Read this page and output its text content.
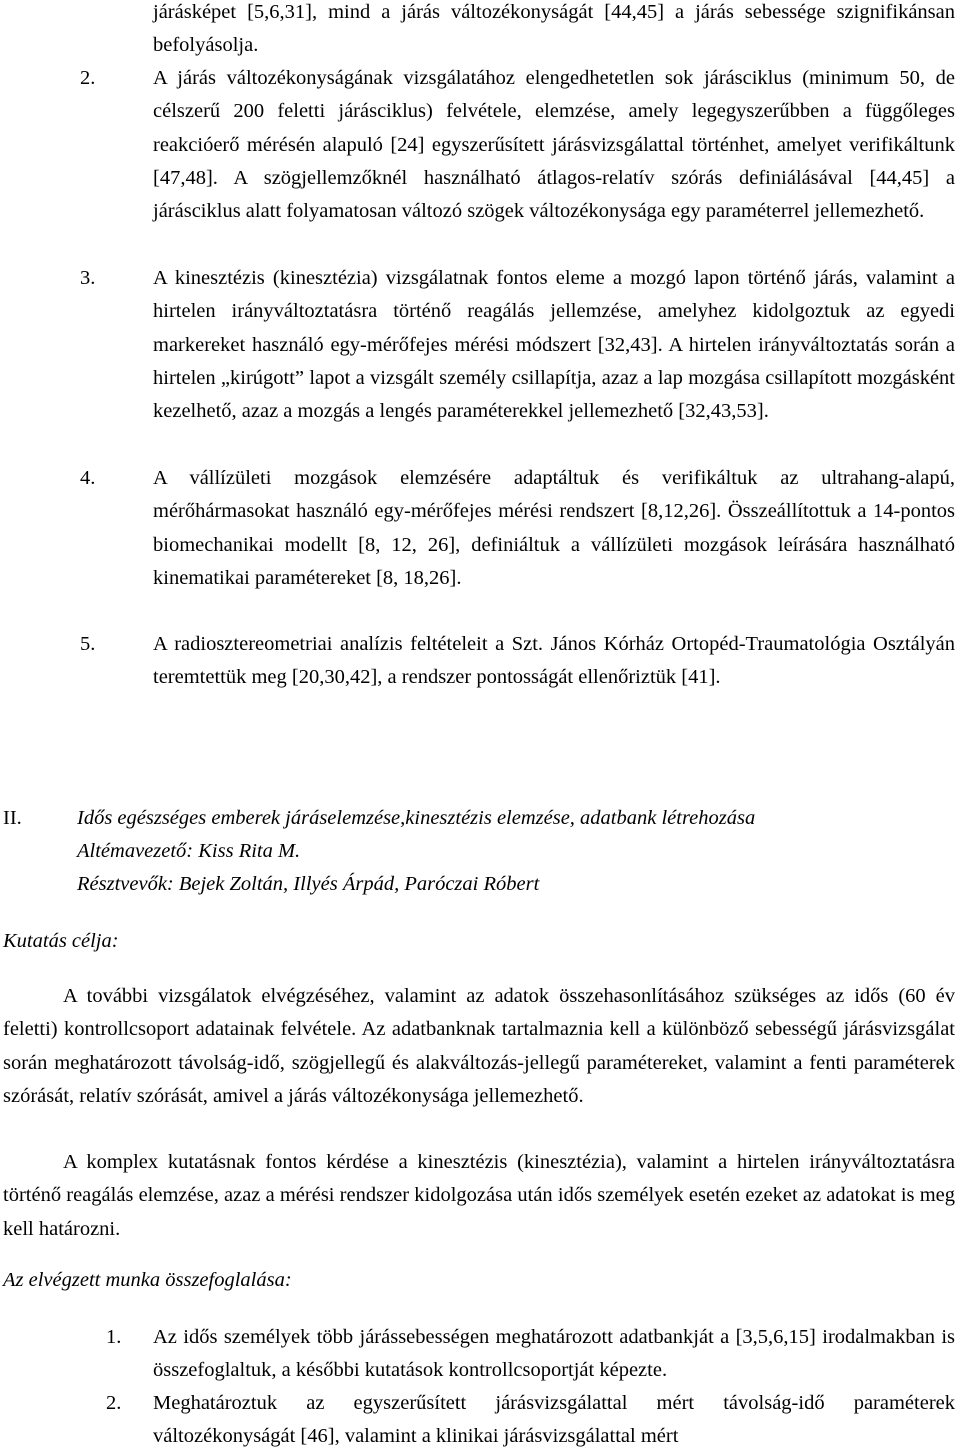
járásképet [5,6,31], mind a járás változékonyságát [44,45] a járás sebessége szignifikánsan befolyásolja.

2.	A járás változékonyságának vizsgálatához elengedhetetlen sok járásciklus (minimum 50, de célszerű 200 feletti járásciklus) felvétele, elemzése, amely legegyszerűbben a függőleges reakcióerő mérésén alapuló [24] egyszerűsített járásvizsgálattal történhet, amelyet verifikáltunk [47,48]. A szögjellemzőknél használható átlagos-relatív szórás definiálásával [44,45] a járásciklus alatt folyamatosan változó szögek változékonysága egy paraméterrel jellemezhető.

3.	A kinesztézis (kinesztézia) vizsgálatnak fontos eleme a mozgó lapon történő járás, valamint a hirtelen irányváltoztatásra történő reagálás jellemzése, amelyhez kidolgoztuk az egyedi markereket használó egy-mérőfejes mérési módszert [32,43]. A hirtelen irányváltoztatás során a hirtelen „kirúgott” lapot a vizsgált személy csillapítja, azaz a lap mozgása csillapított mozgásként kezelhető, azaz a mozgás a lengés paraméterekkel jellemezhető [32,43,53].

4.	A vállízületi mozgások elemzésére adaptáltuk és verifikáltuk az ultrahang-alapú, mérőhármasokat használó egy-mérőfejes mérési rendszert [8,12,26]. Összeállítottuk a 14-pontos biomechanikai modellt [8, 12, 26], definiáltuk a vállízületi mozgások leírására használható kinematikai paramétereket [8, 18,26].

5.	A radiosztereometriai analízis feltételeit a Szt. János Kórház Ortopéd-Traumatológia Osztályán teremtettük meg [20,30,42], a rendszer pontosságát ellenőriztük [41].

II.	Idős egészséges emberek járáselemzése,kinesztézis elemzése, adatbank létrehozása
Altémavezető: Kiss Rita M.
Résztvevők: Bejek Zoltán, Illyés Árpád, Paróczai Róbert
Kutatás célja:

A további vizsgálatok elvégzéséhez, valamint az adatok összehasonlításához szükséges az idős (60 év feletti) kontrollcsoport adatainak felvétele. Az adatbanknak tartalmaznia kell a különböző sebességű járásvizsgálat során meghatározott távolság-idő, szögjellegű és alakváltozás-jellegű paramétereket, valamint a fenti paraméterek szórását, relatív szórását, amivel a járás változékonysága jellemezhető.

A komplex kutatásnak fontos kérdése a kinesztézis (kinesztézia), valamint a hirtelen irányváltoztatásra történő reagálás elemzése, azaz a mérési rendszer kidolgozása után idős személyek esetén ezeket az adatokat is meg kell határozni.

Az elvégzett munka összefoglalása:
1. Az idős személyek több járássebességen meghatározott adatbankját a [3,5,6,15] irodalmakban is összefoglaltuk, a későbbi kutatások kontrollcsoportját képezte.

2. Meghatároztuk az egyszerűsített járásvizsgálattal mért távolság-idő paraméterek változékonyságát [46], valamint a klinikai járásvizsgálattal mért
